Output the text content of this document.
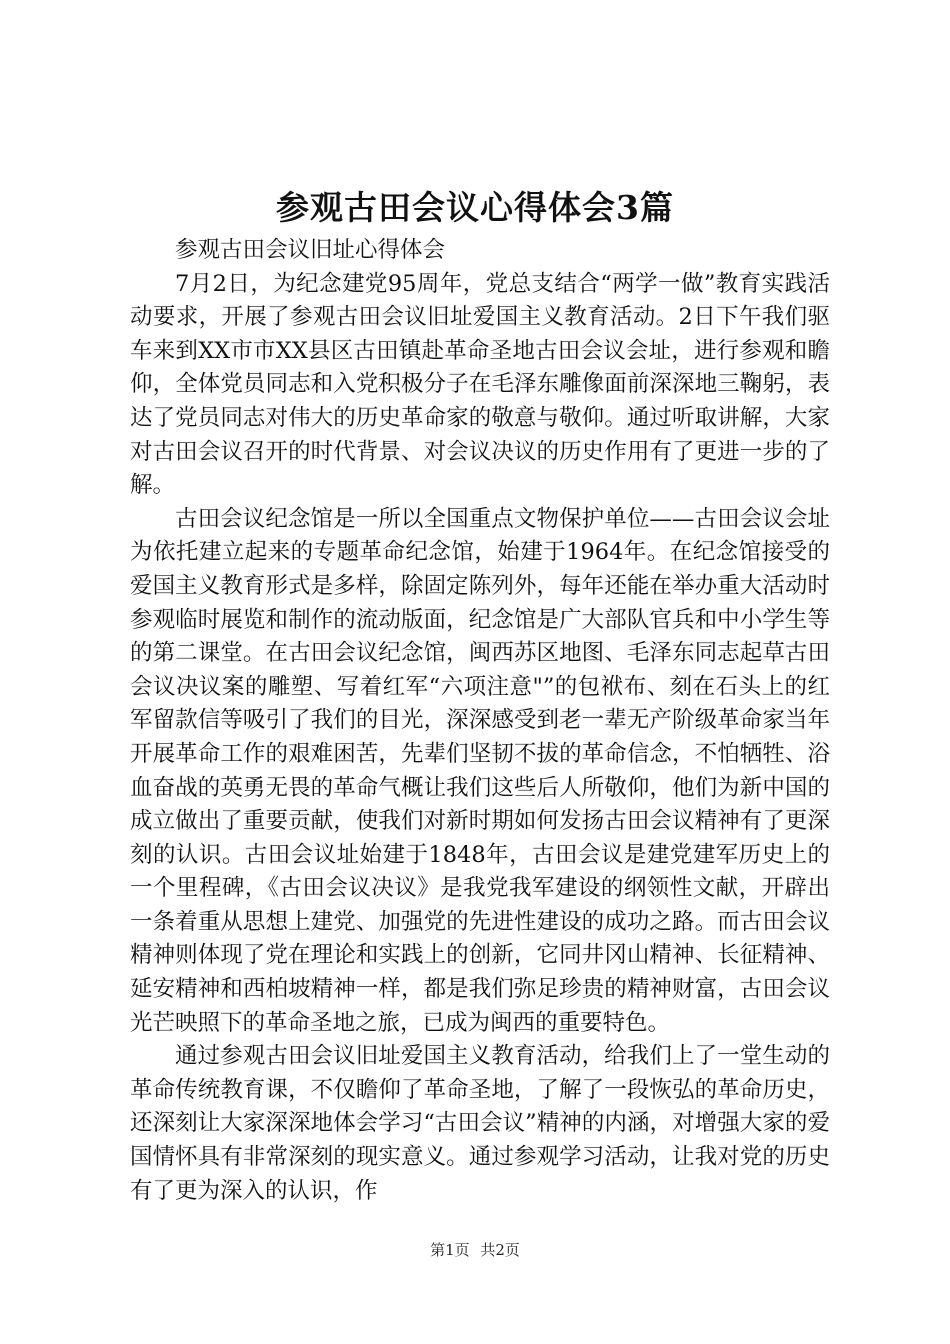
参观古田会议心得体会3篇

参观古田会议旧址心得体会

7月2日，为纪念建党95周年，党总支结合“两学一做”教育实践活动要求，开展了参观古田会议旧址爱国主义教育活动。2日下午我们驱车来到XX市市XX县区古田镇赴革命圣地古田会议会址，进行参观和瞻仰，全体党员同志和入党积极分子在毛泽东雕像面前深深地三鞠躬，表达了党员同志对伟大的历史革命家的敬意与敬仰。通过听取讲解，大家对古田会议召开的时代背景、对会议决议的历史作用有了更进一步的了解。

古田会议纪念馆是一所以全国重点文物保护单位——古田会议会址为依托建立起来的专题革命纪念馆，始建于1964年。在纪念馆接受的爱国主义教育形式是多样，除固定陈列外，每年还能在举办重大活动时参观临时展览和制作的流动版面，纪念馆是广大部队官兵和中小学生等的第二课堂。在古田会议纪念馆，闽西苏区地图、毛泽东同志起草古田会议决议案的雕塑、写着红军“六项注意"”的包袱布、刻在石头上的红军留款信等吸引了我们的目光，深深感受到老一辈无产阶级革命家当年开展革命工作的艰难困苦，先辈们坚韧不拔的革命信念，不怕牺牲、浴血奋战的英勇无畏的革命气概让我们这些后人所敬仰，他们为新中国的成立做出了重要贡献，使我们对新时期如何发扬古田会议精神有了更深刻的认识。古田会议址始建于1848年，古田会议是建党建军历史上的一个里程碑，《古田会议决议》是我党我军建设的纲领性文献，开辟出一条着重从思想上建党、加强党的先进性建设的成功之路。而古田会议精神则体现了党在理论和实践上的创新，它同井冈山精神、长征精神、延安精神和西柏坡精神一样，都是我们弥足珍贵的精神财富，古田会议光芒映照下的革命圣地之旅，已成为闽西的重要特色。

通过参观古田会议旧址爱国主义教育活动，给我们上了一堂生动的革命传统教育课，不仅瞻仰了革命圣地，了解了一段恢弘的革命历史，还深刻让大家深深地体会学习“古田会议”精神的内涵，对增强大家的爱国情怀具有非常深刻的现实意义。通过参观学习活动，让我对党的历史有了更为深入的认识，作

第1页 共2页
